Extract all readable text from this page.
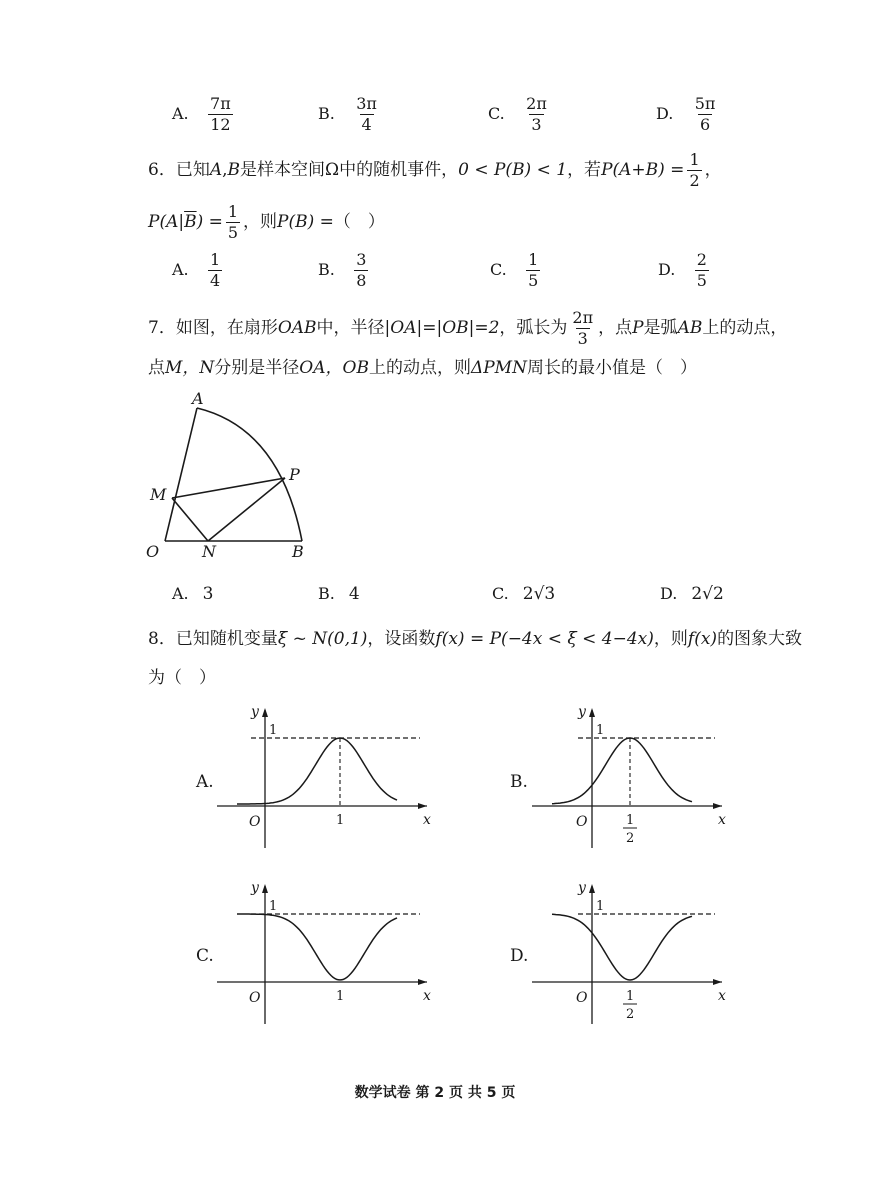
A. $\frac{7\pi}{12}$	B. $\frac{3\pi}{4}$	C. $\frac{2\pi}{3}$	D. $\frac{5\pi}{6}$
6．已知A,B是样本空间Ω中的随机事件，0 < P(B) < 1，若$P(A+B) = \frac{1}{2}$ ，
$P(A|\overline{B}) = \frac{1}{5}$ ，则P(B) =（　）
A. $\frac{1}{4}$	B. $\frac{3}{8}$	C. $\frac{1}{5}$	D. $\frac{2}{5}$
7．如图，在扇形OAB中，半径|OA|=|OB|=2，弧长为 $\frac{2\pi}{3}$ ，点P是弧AB上的动点，
点M，N分别是半径OA，OB上的动点，则ΔPMN周长的最小值是（　）
A
P
M
O	N	B
A. 3	B. 4	C. 2√3	D. 2√2
8．已知随机变量ξ ~ N(0,1)，设函数f(x) = P(−4x < ξ < 4−4x)，则f(x)的图象大致
为（　）
A.	B.
C.	D.
y
x
O
1
1
y
x
O
1
1
2
y
x
O
1
1
y
x
O
1
1
2
数学试卷 第 2 页 共 5 页
